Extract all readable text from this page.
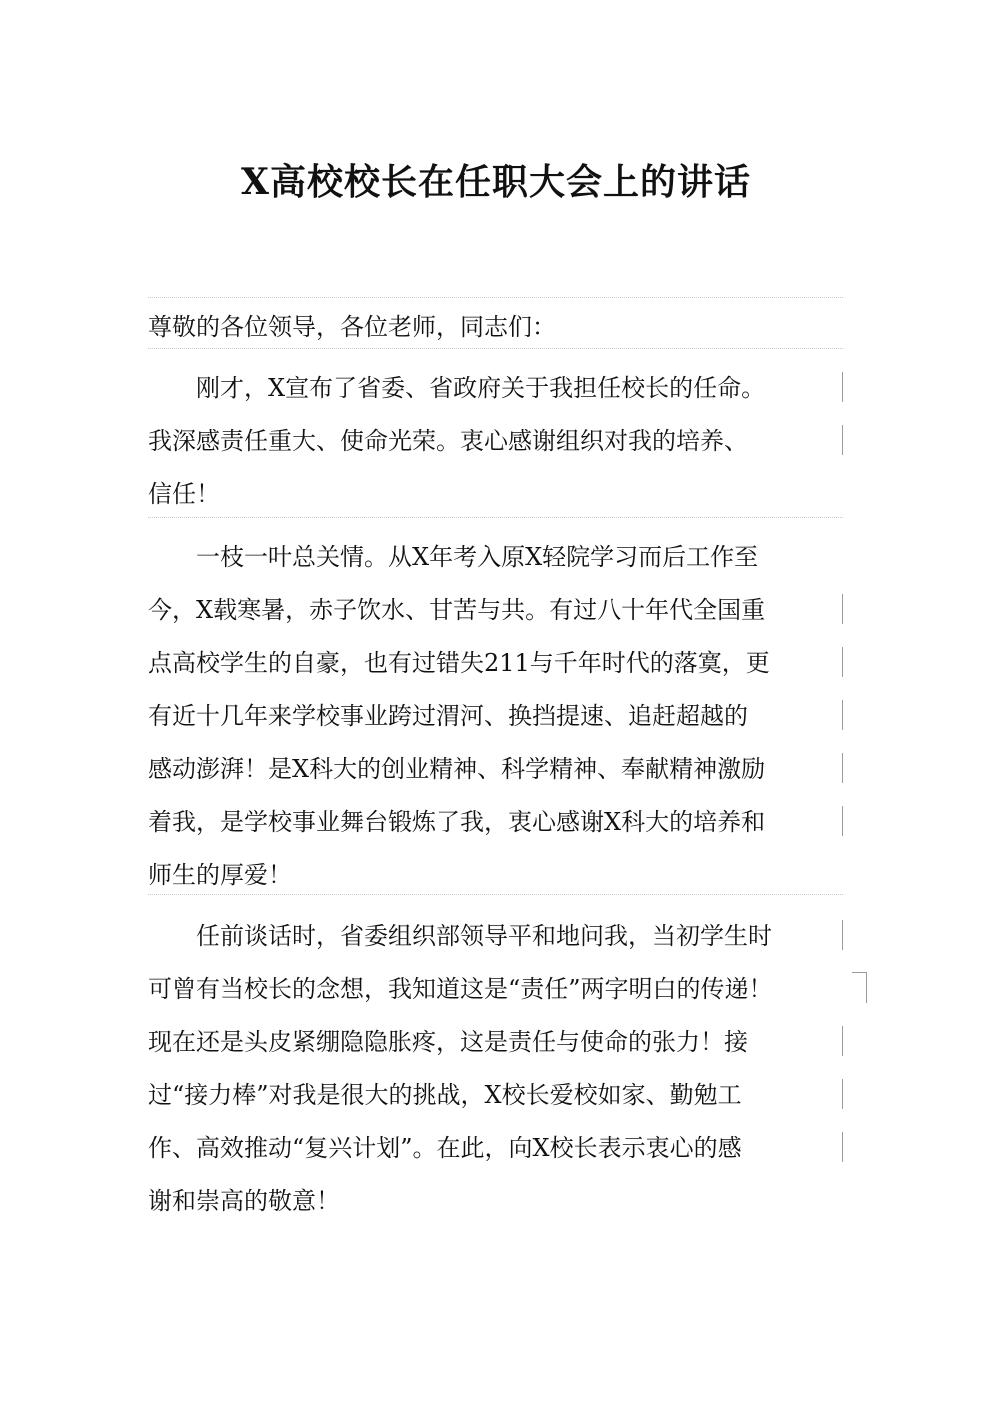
X高校校长在任职大会上的讲话
尊敬的各位领导，各位老师，同志们：
　　刚才，X宣布了省委、省政府关于我担任校长的任命。
我深感责任重大、使命光荣。衷心感谢组织对我的培养、
信任！
　　一枝一叶总关情。从X年考入原X轻院学习而后工作至
今，X载寒暑，赤子饮水、甘苦与共。有过八十年代全国重
点高校学生的自豪，也有过错失211与千年时代的落寞，更
有近十几年来学校事业跨过渭河、换挡提速、追赶超越的
感动澎湃！是X科大的创业精神、科学精神、奉献精神激励
着我，是学校事业舞台锻炼了我，衷心感谢X科大的培养和
师生的厚爱！
　　任前谈话时，省委组织部领导平和地问我，当初学生时
可曾有当校长的念想，我知道这是“责任”两字明白的传递！
现在还是头皮紧绷隐隐胀疼，这是责任与使命的张力！接
过“接力棒”对我是很大的挑战，X校长爱校如家、勤勉工
作、高效推动“复兴计划”。在此，向X校长表示衷心的感
谢和崇高的敬意！
